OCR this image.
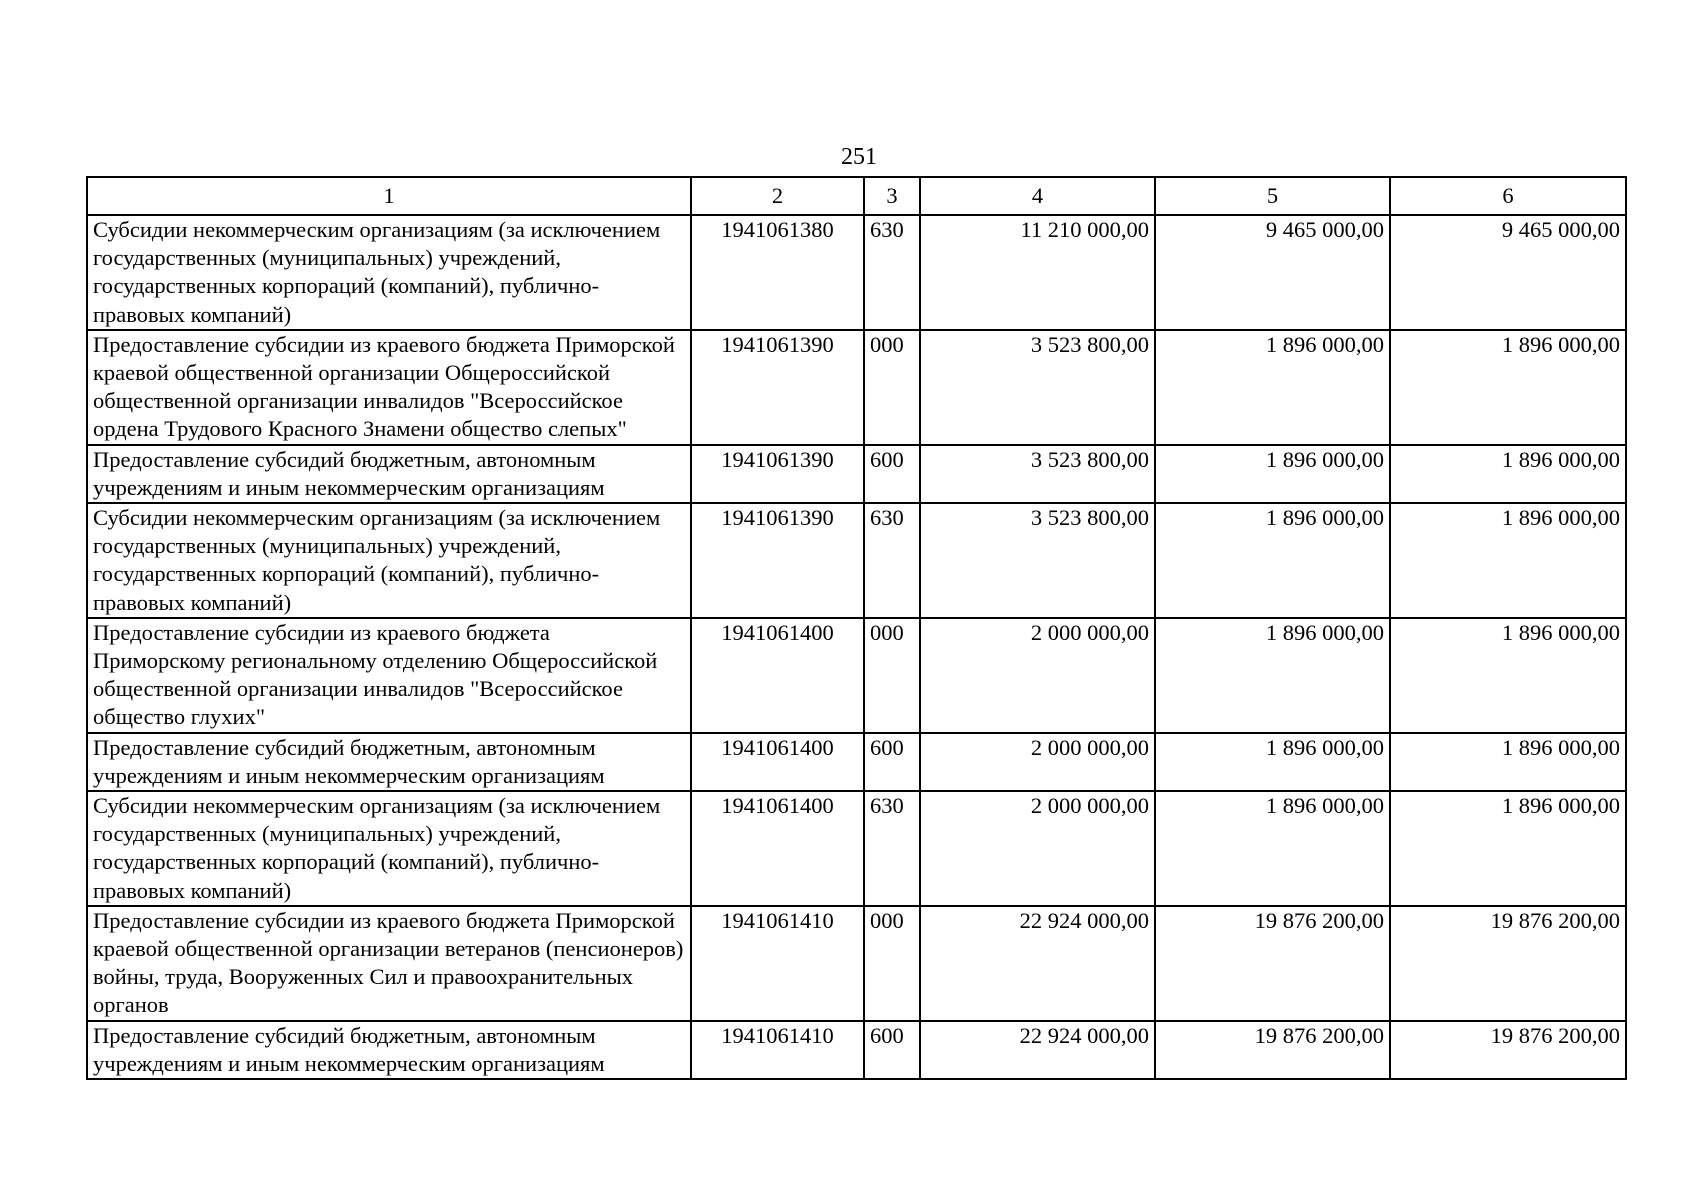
251
1	2	3	4	5	6
Субсидии некоммерческим организациям (за исключением государственных (муниципальных) учреждений, государственных корпораций (компаний), публично-правовых компаний)	1941061380	630	11 210 000,00	9 465 000,00	9 465 000,00
Предоставление субсидии из краевого бюджета Приморской краевой общественной организации Общероссийской общественной организации инвалидов "Всероссийское ордена Трудового Красного Знамени общество слепых"	1941061390	000	3 523 800,00	1 896 000,00	1 896 000,00
Предоставление субсидий бюджетным, автономным учреждениям и иным некоммерческим организациям	1941061390	600	3 523 800,00	1 896 000,00	1 896 000,00
Субсидии некоммерческим организациям (за исключением государственных (муниципальных) учреждений, государственных корпораций (компаний), публично-правовых компаний)	1941061390	630	3 523 800,00	1 896 000,00	1 896 000,00
Предоставление субсидии из краевого бюджета Приморскому региональному отделению Общероссийской общественной организации инвалидов "Всероссийское общество глухих"	1941061400	000	2 000 000,00	1 896 000,00	1 896 000,00
Предоставление субсидий бюджетным, автономным учреждениям и иным некоммерческим организациям	1941061400	600	2 000 000,00	1 896 000,00	1 896 000,00
Субсидии некоммерческим организациям (за исключением государственных (муниципальных) учреждений, государственных корпораций (компаний), публично-правовых компаний)	1941061400	630	2 000 000,00	1 896 000,00	1 896 000,00
Предоставление субсидии из краевого бюджета Приморской краевой общественной организации ветеранов (пенсионеров) войны, труда, Вооруженных Сил и правоохранительных органов	1941061410	000	22 924 000,00	19 876 200,00	19 876 200,00
Предоставление субсидий бюджетным, автономным учреждениям и иным некоммерческим организациям	1941061410	600	22 924 000,00	19 876 200,00	19 876 200,00
